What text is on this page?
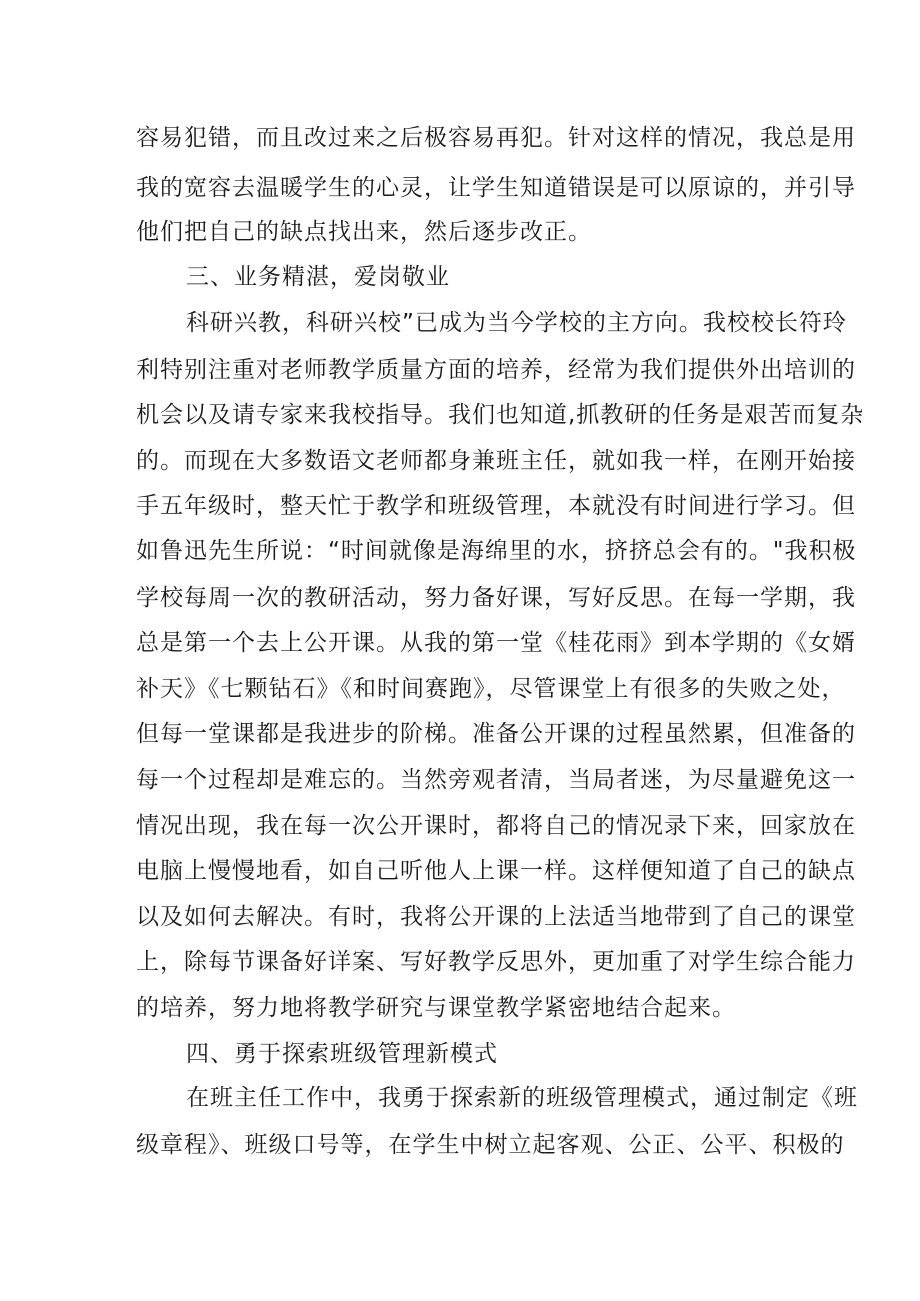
容易犯错，而且改过来之后极容易再犯。针对这样的情况，我总是用
我的宽容去温暖学生的心灵，让学生知道错误是可以原谅的，并引导
他们把自己的缺点找出来，然后逐步改正。
三、业务精湛，爱岗敬业
科研兴教，科研兴校”已成为当今学校的主方向。我校校长符玲
利特别注重对老师教学质量方面的培养，经常为我们提供外出培训的
机会以及请专家来我校指导。我们也知道,抓教研的任务是艰苦而复杂
的。而现在大多数语文老师都身兼班主任，就如我一样，在刚开始接
手五年级时，整天忙于教学和班级管理，本就没有时间进行学习。但
如鲁迅先生所说：“时间就像是海绵里的水，挤挤总会有的。"我积极
学校每周一次的教研活动，努力备好课，写好反思。在每一学期，我
总是第一个去上公开课。从我的第一堂《桂花雨》到本学期的《女婿
补天》《七颗钻石》《和时间赛跑》，尽管课堂上有很多的失败之处，
但每一堂课都是我进步的阶梯。准备公开课的过程虽然累，但准备的
每一个过程却是难忘的。当然旁观者清，当局者迷，为尽量避免这一
情况出现，我在每一次公开课时，都将自己的情况录下来，回家放在
电脑上慢慢地看，如自己听他人上课一样。这样便知道了自己的缺点
以及如何去解决。有时，我将公开课的上法适当地带到了自己的课堂
上，除每节课备好详案、写好教学反思外，更加重了对学生综合能力
的培养，努力地将教学研究与课堂教学紧密地结合起来。
四、勇于探索班级管理新模式
在班主任工作中，我勇于探索新的班级管理模式，通过制定《班
级章程》、班级口号等，在学生中树立起客观、公正、公平、积极的
